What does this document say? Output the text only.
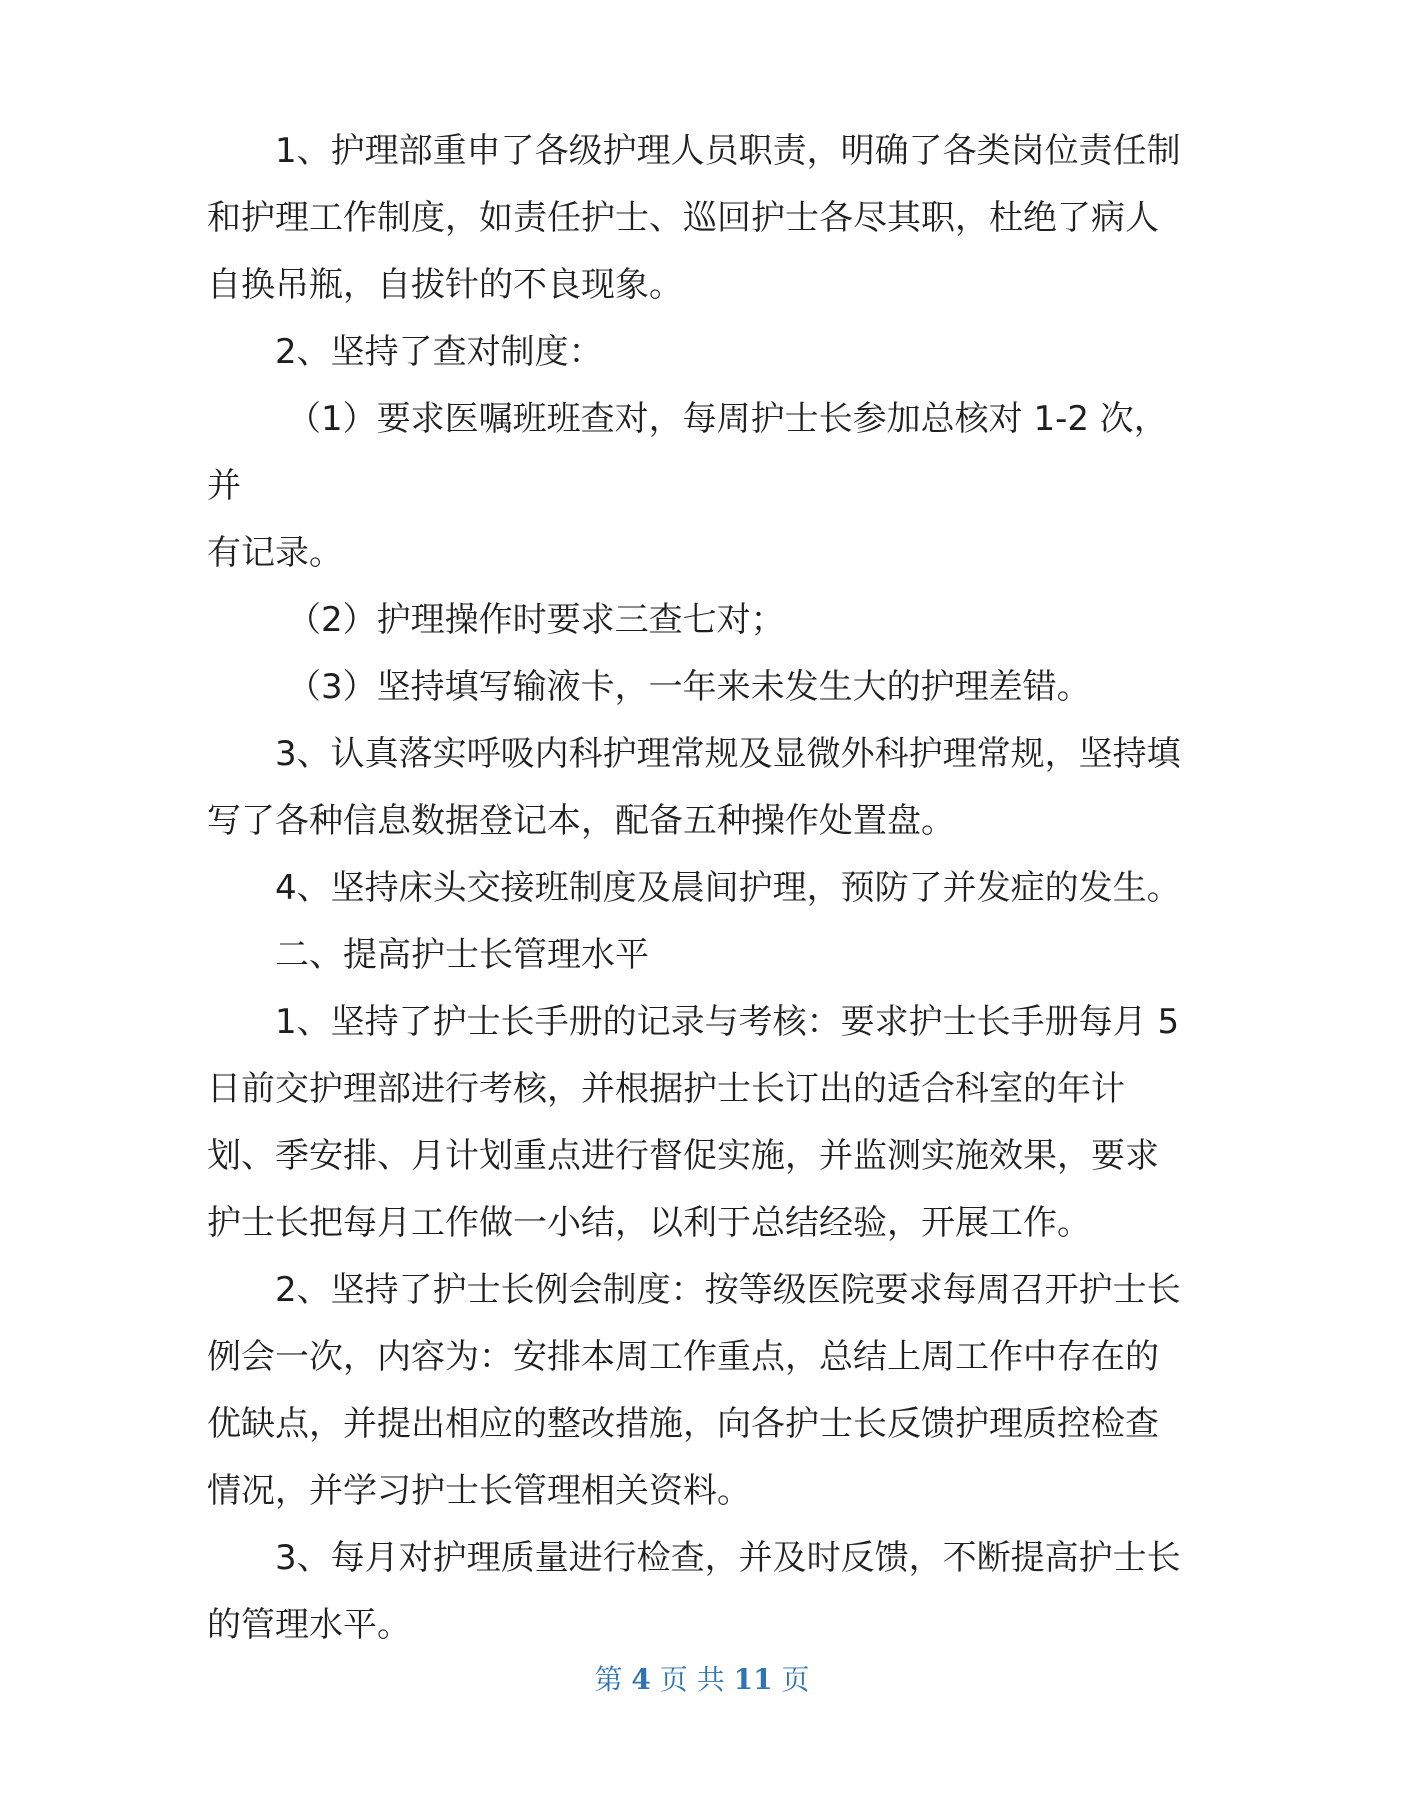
1、护理部重申了各级护理人员职责，明确了各类岗位责任制
和护理工作制度，如责任护士、巡回护士各尽其职，杜绝了病人
自换吊瓶，自拔针的不良现象。

2、坚持了查对制度：

（1）要求医嘱班班查对，每周护士长参加总核对 1-2 次，并
有记录。

（2）护理操作时要求三查七对；

（3）坚持填写输液卡，一年来未发生大的护理差错。

3、认真落实呼吸内科护理常规及显微外科护理常规，坚持填
写了各种信息数据登记本，配备五种操作处置盘。

4、坚持床头交接班制度及晨间护理，预防了并发症的发生。

二、提高护士长管理水平

1、坚持了护士长手册的记录与考核：要求护士长手册每月 5
日前交护理部进行考核，并根据护士长订出的适合科室的年计
划、季安排、月计划重点进行督促实施，并监测实施效果，要求
护士长把每月工作做一小结，以利于总结经验，开展工作。

2、坚持了护士长例会制度：按等级医院要求每周召开护士长
例会一次，内容为：安排本周工作重点，总结上周工作中存在的
优缺点，并提出相应的整改措施，向各护士长反馈护理质控检查
情况，并学习护士长管理相关资料。

3、每月对护理质量进行检查，并及时反馈，不断提高护士长
的管理水平。

第 4 页 共 11 页
